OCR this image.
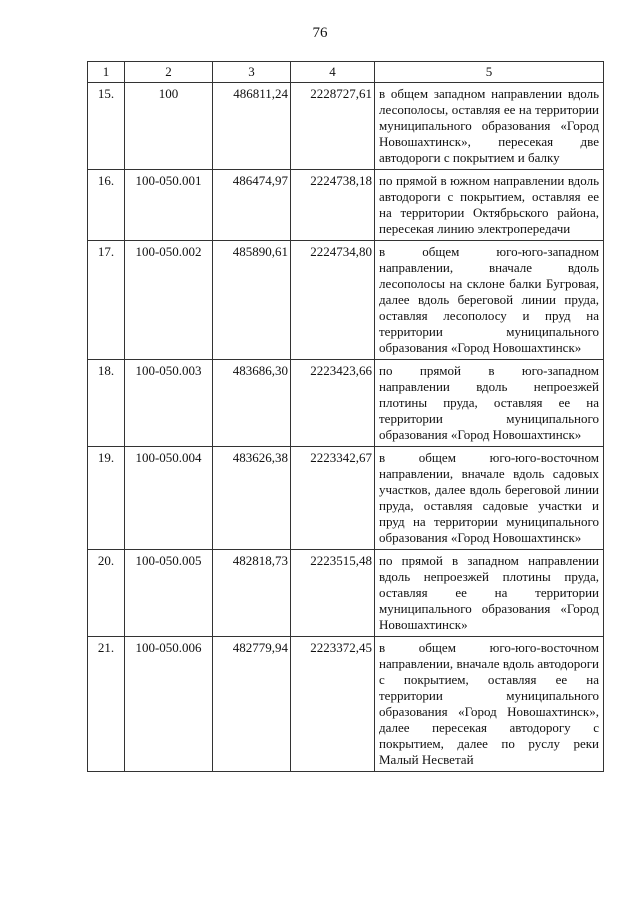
76
1	2	3	4	5
15.	100	486811,24	2228727,61	в общем западном направлении вдоль лесополосы, оставляя ее на территории муниципального образования «Город Новошахтинск», пересекая две автодороги с покрытием и балку
16.	100-050.001	486474,97	2224738,18	по прямой в южном направлении вдоль автодороги с покрытием, оставляя ее на территории Октябрьского района, пересекая линию электропередачи
17.	100-050.002	485890,61	2224734,80	в общем юго-юго-западном направлении, вначале вдоль лесополосы на склоне балки Бугровая, далее вдоль береговой линии пруда, оставляя лесополосу и пруд на территории муниципального образования «Город Новошахтинск»
18.	100-050.003	483686,30	2223423,66	по прямой в юго-западном направлении вдоль непроезжей плотины пруда, оставляя ее на территории муниципального образования «Город Новошахтинск»
19.	100-050.004	483626,38	2223342,67	в общем юго-юго-восточном направлении, вначале вдоль садовых участков, далее вдоль береговой линии пруда, оставляя садовые участки и пруд на территории муниципального образования «Город Новошахтинск»
20.	100-050.005	482818,73	2223515,48	по прямой в западном направлении вдоль непроезжей плотины пруда, оставляя ее на территории муниципального образования «Город Новошахтинск»
21.	100-050.006	482779,94	2223372,45	в общем юго-юго-восточном направлении, вначале вдоль автодороги с покрытием, оставляя ее на территории муниципального образования «Город Новошахтинск», далее пересекая автодорогу с покрытием, далее по руслу реки Малый Несветай
